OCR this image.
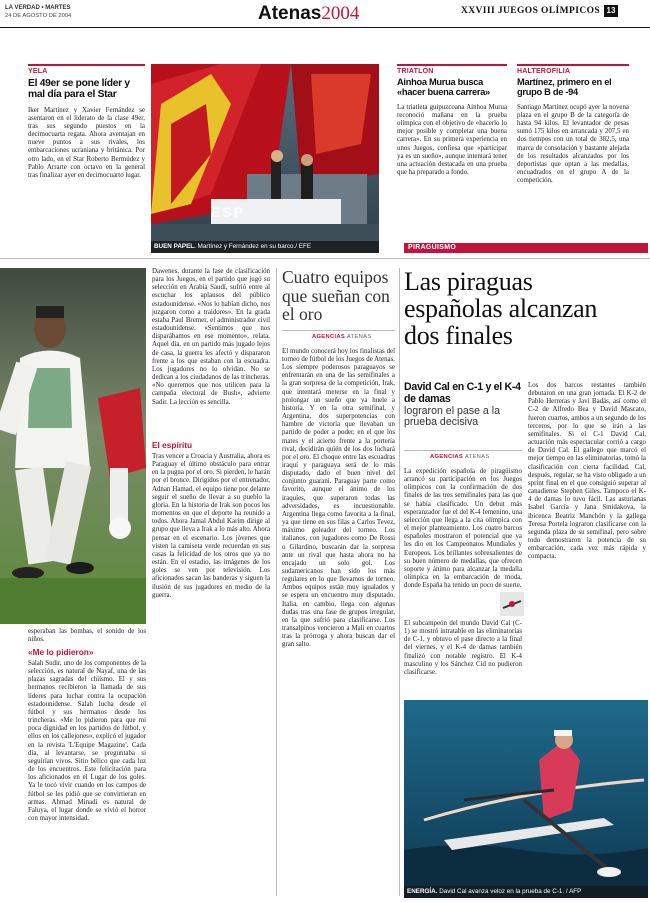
LA VERDAD • MARTES
24 DE AGOSTO DE 2004	Atenas2004	XXVIII JUEGOS OLÍMPICOS 13
YELA
El 49er se pone líder y mal día para el Star
Iker Martínez y Xavier Fernández se asentaron en el liderato de la clase 49er, tras sus segundo puestos en la decimocuarta regata. Ahora aventajan en nueve puntos a sus rivales, los embarcaciones ucraniana y británica. Por otro lado, en el Star Roberto Bermúdez y Pablo Arrarte con octavo en la general tras finalizar ayer en decimocuarto lugar.
ESP
BUEN PAPEL. Martínez y Fernández en su barco./ EFE
TRIATLÓN
Ainhoa Murua busca «hacer buena carrera»
La triatleta guipuzcoana Ainhoa Murua reconoció mañana en la prueba olímpica con el objetivo de «hacerlo lo mejor posible y completar una buena carrera». En su primera experiencia en unos Juegos, confiesa que «participar ya es un sueño», aunque intentará tener una actuación destacada en una prueba que ha preparado a fondo.
HALTEROFILIA
Martínez, primero en el grupo B de -94
Santiago Martínez ocupó ayer la novena plaza en el grupo B de la categoría de hasta 94 kilos. El levantador de pesas sumó 175 kilos en arrancada y 207,5 en dos tiempos con un total de 382,5, una marca de consolación y bastante alejada de los resultados alcanzados por los deportistas que optan a las medallas, encuadrados en el grupo A de la competición.
esperaban las bombas, el sonido de los niños.
«Me lo pidieron»
Salah Sudir, uno de los componentes de la selección, es natural de Nayaf, una de las plazas sagradas del chiísmo. El y sus hermanos recibieron la llamada de sus líderes para luchar contra la ocupación estadounidense. Salah lucha desde el fútbol y sus hermanos desde los trincheras. «Me lo pidieron para que mi poca dignidad en los partidos de fútbol, y ellos en los callejones», explicó el jugador en la revista 'L'Equipe Magazine'. Cada día, al levantarse, se preguntaba si seguirían vivos. Sitio bélico que cada luz de los encuentros. Este felicitación para los aficionados en el Lugar de los goles. Ya le tocó vivir cuando en los campos de fútbol se les pidió que se convirtieran en armas. Ahmad Minadi es natural de Faluya, el lugar donde se vivió el horror con mayor intensidad.
Dawenes, durante la fase de clasificación para los Juegos, en el partido que jugó su selección en Arabia Saudí, sufrió entre al escuchar los aplausos del público estadounidense. «Nos lo habían dicho, nos juzgaron como a traidores». En la grada estaba Paul Bremer, el administrador civil estadounidense. «Sentimos que nos disparábamos en ese momento», relata. Aquel día, en un partido más jugado lejos de casa, la guerra les afectó y dispararon frente a los que estaban con la escuadra. Los jugadores no lo olvidan. No se dedican a los ciudadanos de las trincheras. «No queremos que nos utilicen para la campaña electoral de Bush», advierte Sadir. La lección es sencilla.
El espíritu
Tras vencer a Croacia y Australia, ahora es Paraguay el último obstáculo para entrar en la pugna por el oro. Si pierden, le harán por el bronce. Dirigidos por el entrenador, Adnan Hamad, el equipo tiene por delante seguir el sueño de llevar a su pueblo la gloria. En la historia de Irak son pocos los momentos en que el deporte ha reunido a todos. Ahora Jamal Abdul Karim dirige al grupo que lleva a Irak a lo más alto. Ahora pensar en el escenario. Los jóvenes que visten la camiseta verde recuerdan en sus casas la felicidad de los otros que ya no están. En el estadio, las imágenes de los goles se ven por televisión. Los aficionados sacan las banderas y siguen la ilusión de sus jugadores en medio de la guerra.
Cuatro equipos que sueñan con el oro
AGENCIAS ATENAS
El mundo conocerá hoy los finalistas del torneo de fútbol de los Juegos de Atenas. Los siempre poderosos paraguayos se enfrentarán en una de las semifinales a la gran sorpresa de la competición, Irak, que intentará meterse en la final y prolongar un sueño que ya huele a historia. Y en la otra semifinal, y Argentina, dos superpotencias con hambre de victoria que llevaban un partido de poder a poder, en el que los mates y el acierto frente a la portería rival, decidirán quién de los dos luchará por el oro. El choque entre las escuadras iraquí y paraguaya será de lo más disputado, dado el buen nivel del conjunto guaraní. Paraguay parte como favorito, aunque el ánimo de los iraquíes, que superaron todas las adversidades, es incuestionable. Argentina llega como favorita a la final, ya que tiene en sus filas a Carlos Tevez, máximo goleador del torneo. Los italianos, con jugadores como De Rossi o Gilardino, buscarán dar la sorpresa ante un rival que hasta ahora no ha encajado un solo gol. Los sudamericanos han sido los más regulares en lo que llevamos de torneo. Ambos equipos están muy igualados y se espera un encuentro muy disputado. Italia, en cambio, llega con algunas dudas tras una fase de grupos irregular, en la que sufrió para clasificarse. Los transalpinos vencieron a Malí en cuartos tras la prórroga y ahora buscan dar el gran salto.
PIRAGÜISMO
Las piraguas españolas alcanzan dos finales
David Cal en C-1 y el K-4 de damas
lograron el pase a la prueba decisiva
AGENCIAS ATENAS
La expedición española de piragüismo arrancó su participación en los Juegos olímpicos con la confirmación de dos finales de las tres semifinales para las que se había clasificado. Un debut más esperanzador fue el del K-4 femenino, una selección que llega a la cita olímpica con el mejor planteamiento. Los cuatro barcos españoles mostraron el potencial que ya les dio en los Campeonatos Mundiales y Europeos. Los brillantes sobresalientes de su buen número de medallas, que ofrecen soporte y ánimo para alcanzar la medalla olímpica en la embarcación de moda, donde España ha tenido un poco de suerte.
El subcampeón del mundo David Cal (C-1) se mostró intratable en las eliminatorias de C-1, y obtuvo el pase directo a la final del viernes, y el K-4 de damas también finalizó con notable registro. El K-4 masculino y los Sánchez Cid no pudieron clasificarse.
Los dos barcos restantes también debutaron en una gran jornada. El K-2 de Pablo Herreras y Javi Badás, así como el C-2 de Alfredo Bea y David Mascato, fueron cuartos, ambos a un segundo de los terceros, por lo que se irán a las semifinales. Si el C-1 David Cal, actuación más espectacular corrió a cargo de David Cal. El gallego que marcó el mejor tiempo en las eliminatorias, tomó la clasificación con cierta facilidad. Cal, después, regular, se ha visto obligado a un sprint final en el que consiguió superar al canadiense Stephen Giles. Tampoco el K-4 de damas lo tuvo fácil. Las asturianas Isabel García y Jana Smidakova, la ibicenca Beatriz Manchón y la gallega Teresa Portela lograron clasificarse con la segunda plaza de su semifinal, pero sobre todo demostraron la potencia de su embarcación, cada vez más rápida y compacta.
ENERGÍA. David Cal avanza veloz en la prueba de C-1. / AFP
